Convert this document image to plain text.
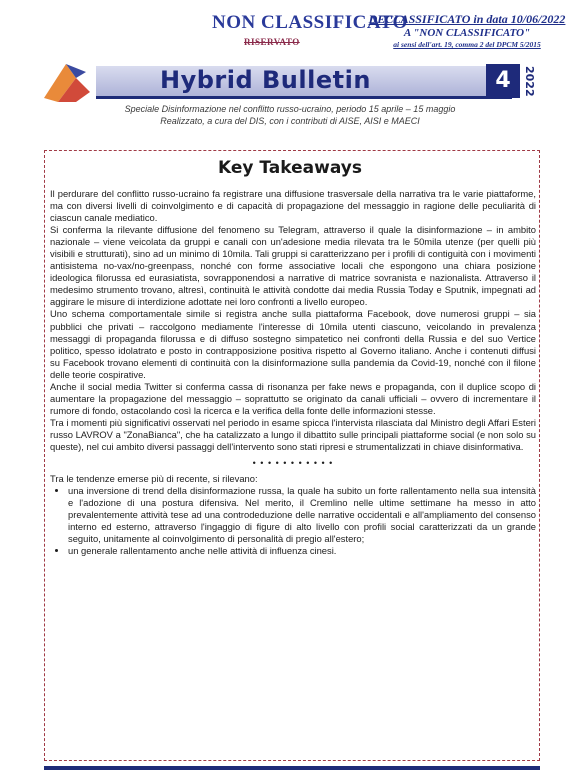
NON CLASSIFICATO
RISERVATO
DECLASSIFICATO in data 10/06/2022
A "NON CLASSIFICATO"
ai sensi dell'art. 19, comma 2 del DPCM 5/2015
Hybrid Bulletin	4	2022
Speciale Disinformazione nel conflitto russo-ucraino, periodo 15 aprile – 15 maggio
Realizzato, a cura del DIS, con i contributi di AISE, AISI e MAECI
Key Takeaways

Il perdurare del conflitto russo-ucraino fa registrare una diffusione trasversale della narrativa tra le varie piattaforme, ma con diversi livelli di coinvolgimento e di capacità di propagazione del messaggio in ragione delle peculiarità di ciascun canale mediatico.

Si conferma la rilevante diffusione del fenomeno su Telegram, attraverso il quale la disinformazione – in ambito nazionale – viene veicolata da gruppi e canali con un'adesione media rilevata tra le 50mila utenze (per quelli più visibili e strutturati), sino ad un minimo di 10mila. Tali gruppi si caratterizzano per i profili di contiguità con i movimenti antisistema no-vax/no-greenpass, nonché con forme associative locali che espongono una chiara posizione ideologica filorussa ed eurasiatista, sovrapponendosi a narrative di matrice sovranista e nazionalista. Attraverso il medesimo strumento trovano, altresì, continuità le attività condotte dai media Russia Today e Sputnik, impegnati ad aggirare le misure di interdizione adottate nei loro confronti a livello europeo.

Uno schema comportamentale simile si registra anche sulla piattaforma Facebook, dove numerosi gruppi – sia pubblici che privati – raccolgono mediamente l'interesse di 10mila utenti ciascuno, veicolando in prevalenza messaggi di propaganda filorussa e di diffuso sostegno simpatetico nei confronti della Russia e del suo Vertice politico, spesso idolatrato e posto in contrapposizione positiva rispetto al Governo italiano. Anche i contenuti diffusi su Facebook trovano elementi di continuità con la disinformazione sulla pandemia da Covid-19, nonché con il filone delle teorie cospirative.

Anche il social media Twitter si conferma cassa di risonanza per fake news e propaganda, con il duplice scopo di aumentare la propagazione del messaggio – soprattutto se originato da canali ufficiali – ovvero di incrementare il rumore di fondo, ostacolando così la ricerca e la verifica della fonte delle informazioni stesse.

Tra i momenti più significativi osservati nel periodo in esame spicca l'intervista rilasciata dal Ministro degli Affari Esteri russo LAVROV a "ZonaBianca", che ha catalizzato a lungo il dibattito sulle principali piattaforme social (e non solo su queste), nel cui ambito diversi passaggi dell'intervento sono stati ripresi e strumentalizzati in chiave disinformativa.

• • • • • • • • • • •

Tra le tendenze emerse più di recente, si rilevano:

• una inversione di trend della disinformazione russa, la quale ha subito un forte rallentamento nella sua intensità e l'adozione di una postura difensiva. Nel merito, il Cremlino nelle ultime settimane ha messo in atto prevalentemente attività tese ad una controdeduzione delle narrative occidentali e all'ampliamento del consenso interno ed esterno, attraverso l'ingaggio di figure di alto livello con profili social caratterizzati da un grande seguito, unitamente al coinvolgimento di personalità di pregio all'estero;
• un generale rallentamento anche nelle attività di influenza cinesi.
